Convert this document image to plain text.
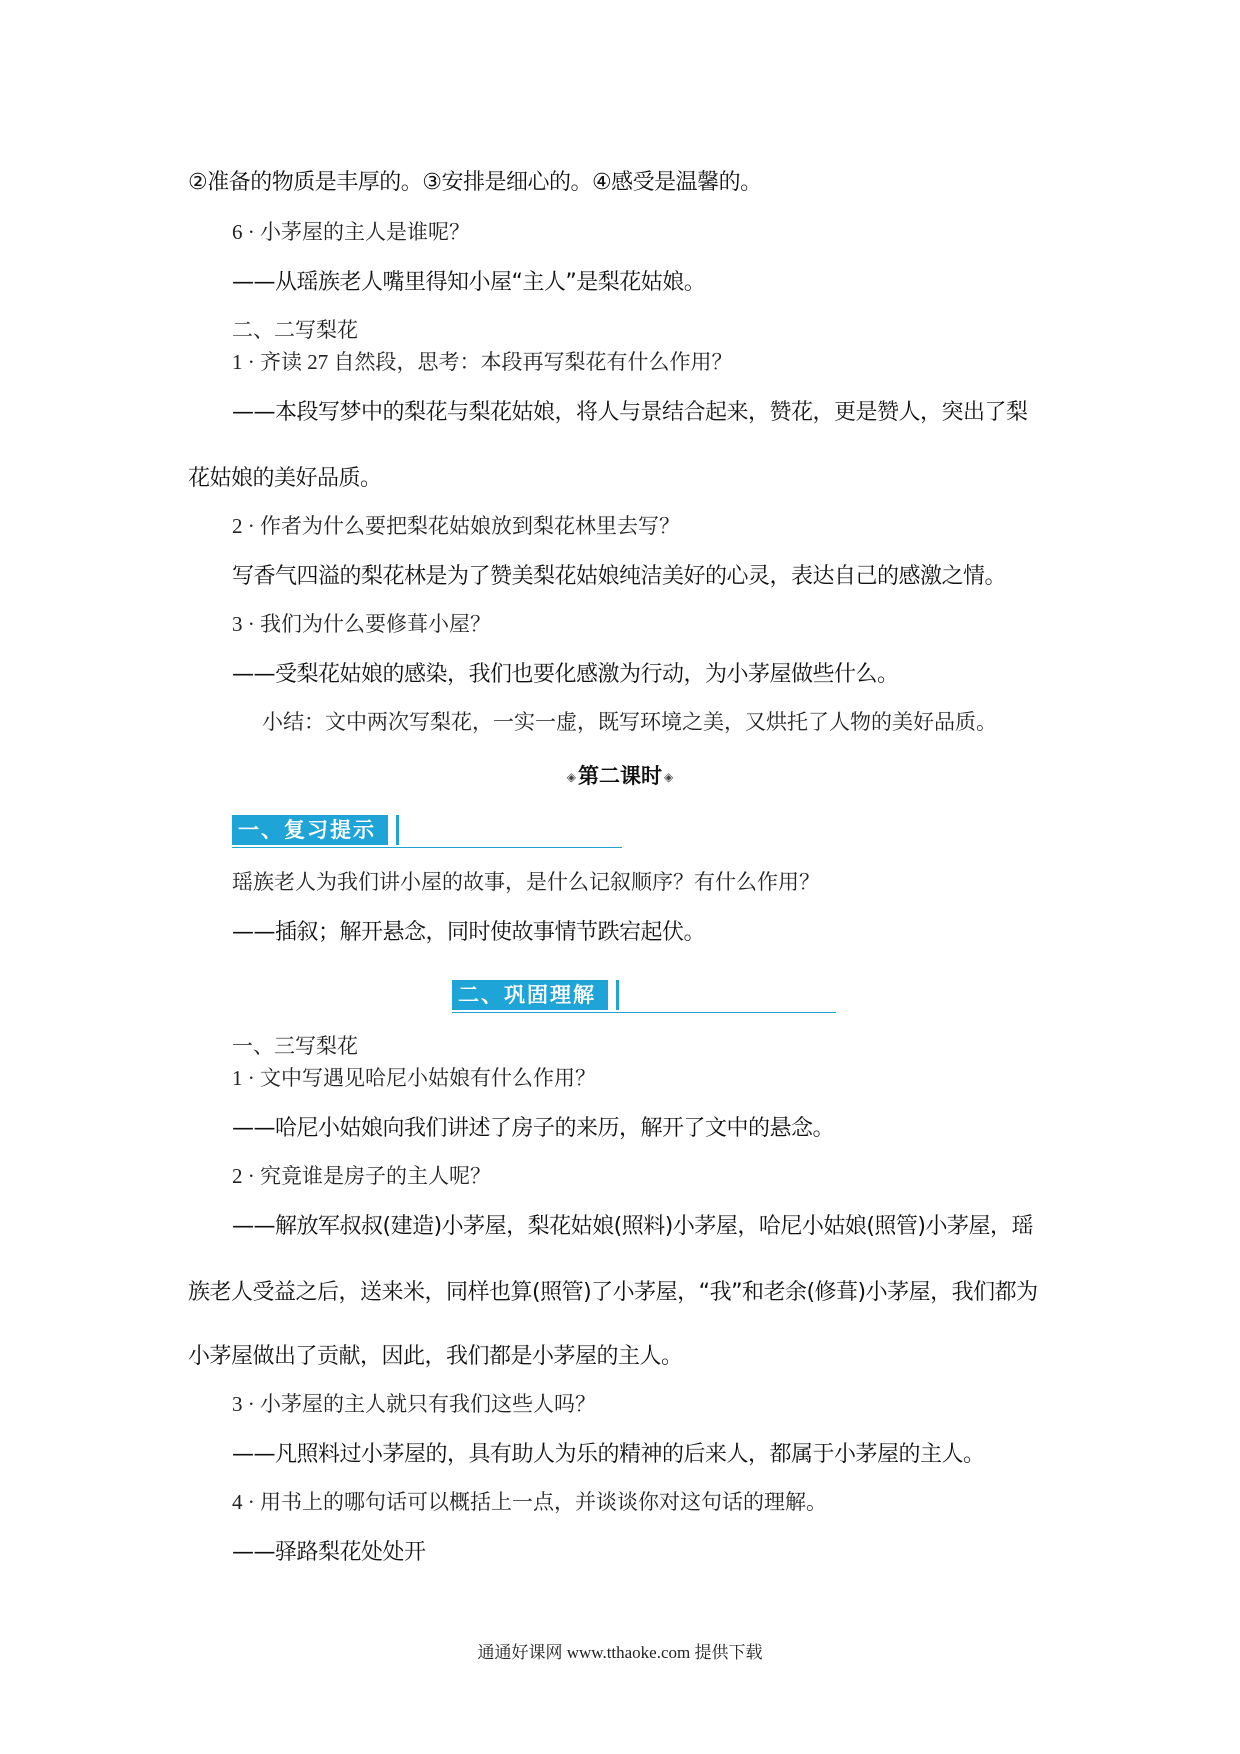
②准备的物质是丰厚的。③安排是细心的。④感受是温馨的。
6 · 小茅屋的主人是谁呢？
——从瑶族老人嘴里得知小屋“主人”是梨花姑娘。
二、二写梨花
1 · 齐读 27 自然段，思考：本段再写梨花有什么作用？
——本段写梦中的梨花与梨花姑娘，将人与景结合起来，赞花，更是赞人，突出了梨
花姑娘的美好品质。
2 · 作者为什么要把梨花姑娘放到梨花林里去写？
写香气四溢的梨花林是为了赞美梨花姑娘纯洁美好的心灵，表达自己的感激之情。
3 · 我们为什么要修葺小屋？
——受梨花姑娘的感染，我们也要化感激为行动，为小茅屋做些什么。
小结：文中两次写梨花，一实一虚，既写环境之美，又烘托了人物的美好品质。
◈第二课时 ◈
一、复习提示
瑶族老人为我们讲小屋的故事，是什么记叙顺序？有什么作用？
——插叙；解开悬念，同时使故事情节跌宕起伏。
二、巩固理解
一、三写梨花
1 · 文中写遇见哈尼小姑娘有什么作用？
——哈尼小姑娘向我们讲述了房子的来历，解开了文中的悬念。
2 · 究竟谁是房子的主人呢？
——解放军叔叔(建造)小茅屋，梨花姑娘(照料)小茅屋，哈尼小姑娘(照管)小茅屋，瑶
族老人受益之后，送来米，同样也算(照管)了小茅屋，“我”和老余(修葺)小茅屋，我们都为
小茅屋做出了贡献，因此，我们都是小茅屋的主人。
3 · 小茅屋的主人就只有我们这些人吗？
——凡照料过小茅屋的，具有助人为乐的精神的后来人，都属于小茅屋的主人。
4 · 用书上的哪句话可以概括上一点，并谈谈你对这句话的理解。
——驿路梨花处处开
通通好课网 www.tthaoke.com 提供下载
